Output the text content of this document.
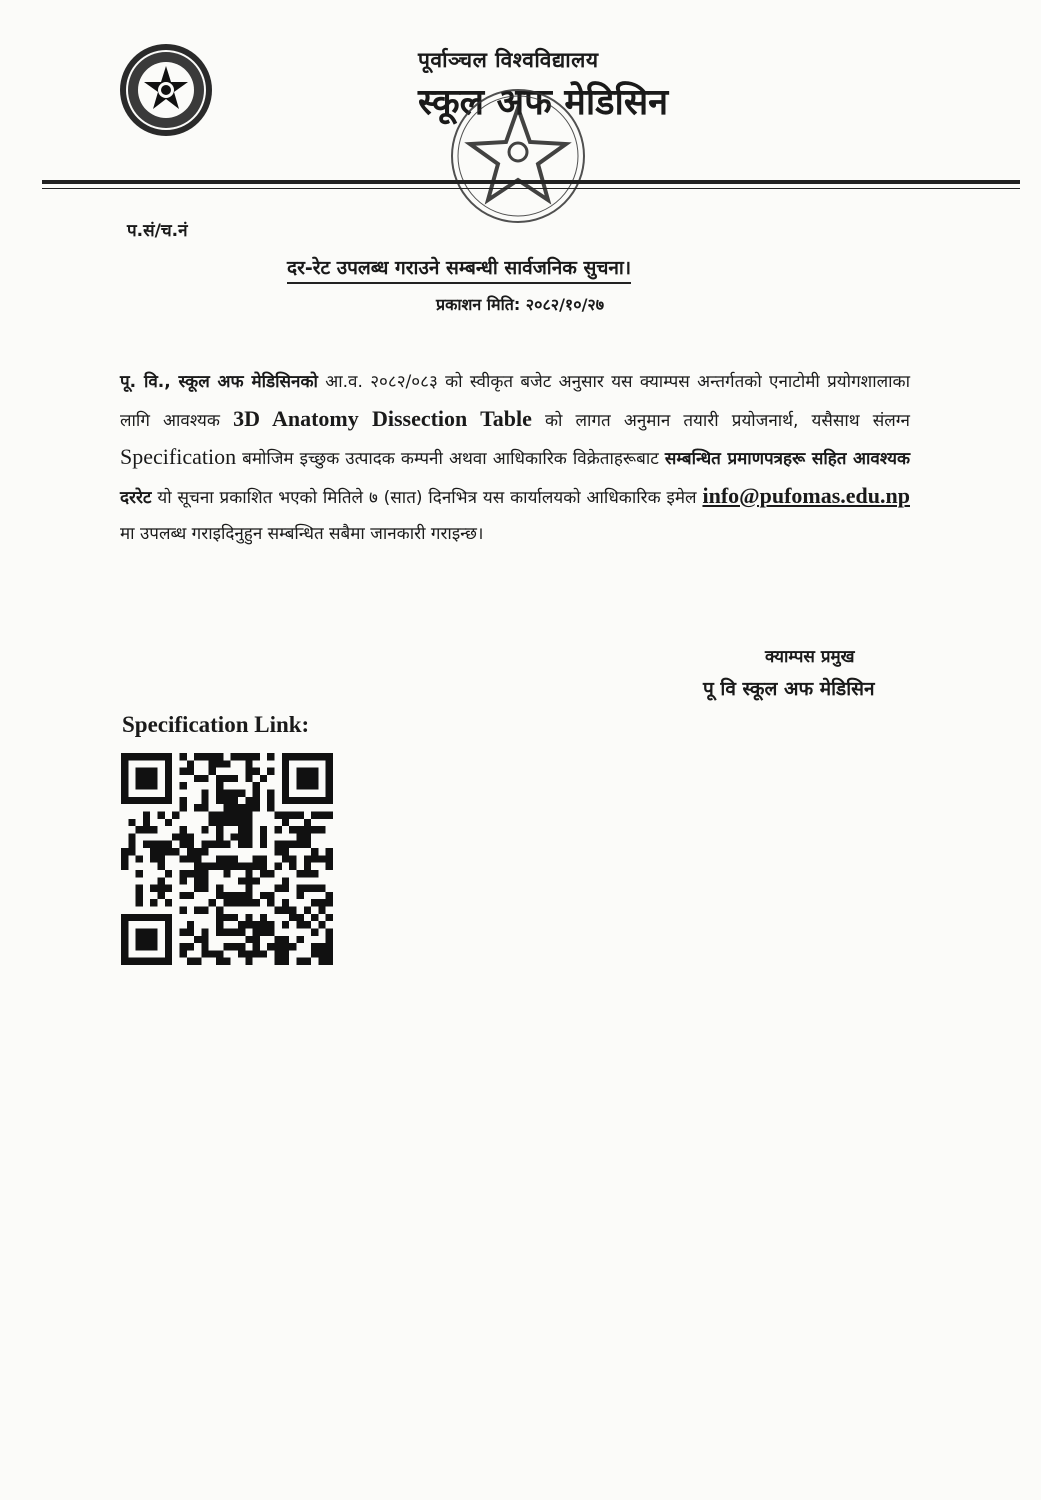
पूर्वाञ्चल विश्वविद्यालय
स्कूल अफ मेडिसिन
प.सं/च.नं
दर-रेट उपलब्ध गराउने सम्बन्धी सार्वजनिक सुचना।
प्रकाशन मिति: २०८२/१०/२७
पू. वि., स्कूल अफ मेडिसिनको आ.व. २०८२/०८३ को स्वीकृत बजेट अनुसार यस क्याम्पस अन्तर्गतको एनाटोमी प्रयोगशालाका लागि आवश्यक 3D Anatomy Dissection Table को लागत अनुमान तयारी प्रयोजनार्थ, यसैसाथ संलग्न Specification बमोजिम इच्छुक उत्पादक कम्पनी अथवा आधिकारिक विक्रेताहरूबाट सम्बन्धित प्रमाणपत्रहरू सहित आवश्यक दररेट यो सूचना प्रकाशित भएको मितिले ७ (सात) दिनभित्र यस कार्यालयको आधिकारिक इमेल info@pufomas.edu.np मा उपलब्ध गराइदिनुहुन सम्बन्धित सबैमा जानकारी गराइन्छ।
क्याम्पस प्रमुख
पू वि स्कूल अफ मेडिसिन
Specification Link:
